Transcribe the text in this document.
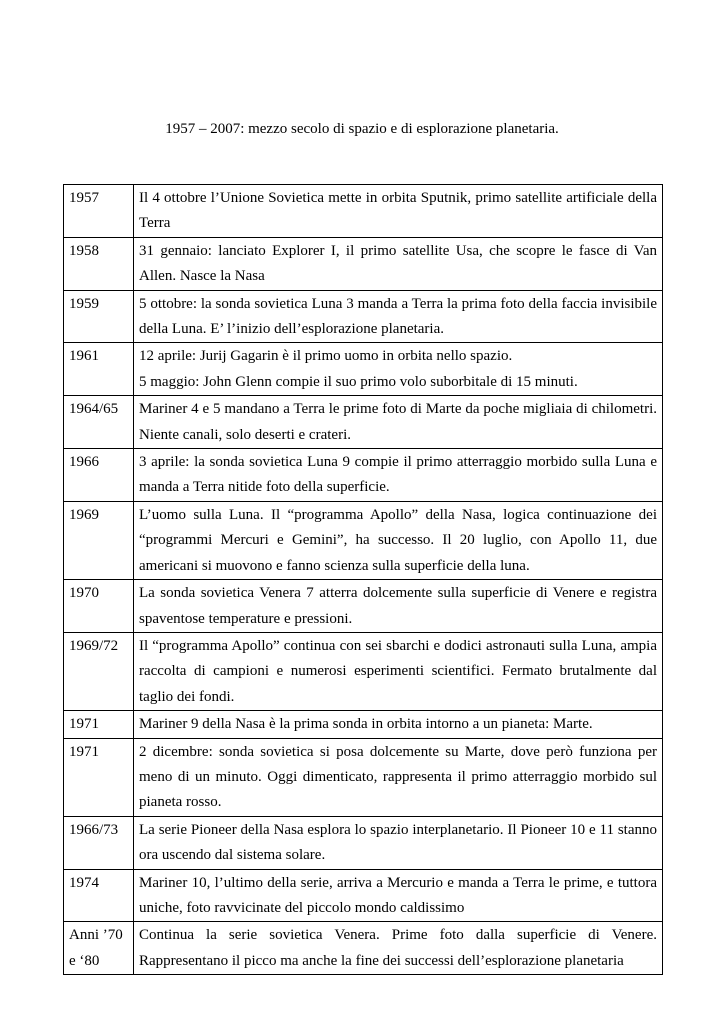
1957 – 2007: mezzo secolo di spazio e di esplorazione planetaria.
1957	Il 4 ottobre l’Unione Sovietica mette in orbita Sputnik, primo satellite artificiale della Terra

1958	31 gennaio: lanciato Explorer I, il primo satellite Usa, che scopre le fasce di Van Allen. Nasce la Nasa

1959	5 ottobre: la sonda sovietica Luna 3 manda a Terra la prima foto della faccia invisibile della Luna. E’ l’inizio dell’esplorazione planetaria.

1961	12 aprile: Jurij Gagarin è il primo uomo in orbita nello spazio.
5 maggio: John Glenn compie il suo primo volo suborbitale di 15 minuti.

1964/65	Mariner 4 e 5 mandano a Terra le prime foto di Marte da poche migliaia di chilometri. Niente canali, solo deserti e crateri.

1966	3 aprile: la sonda sovietica Luna 9 compie il primo atterraggio morbido sulla Luna e manda a Terra nitide foto della superficie.

1969	L’uomo sulla Luna. Il “programma Apollo” della Nasa, logica continuazione dei “programmi Mercuri e Gemini”, ha successo. Il 20 luglio, con Apollo 11, due americani si muovono e fanno scienza sulla superficie della luna.

1970	La sonda sovietica Venera 7 atterra dolcemente sulla superficie di Venere e registra spaventose temperature e pressioni.

1969/72	Il “programma Apollo” continua con sei sbarchi e dodici astronauti sulla Luna, ampia raccolta di campioni e numerosi esperimenti scientifici. Fermato brutalmente dal taglio dei fondi.

1971	Mariner 9 della Nasa è la prima sonda in orbita intorno a un pianeta: Marte.

1971	2 dicembre: sonda sovietica si posa dolcemente su Marte, dove però funziona per meno di un minuto. Oggi dimenticato, rappresenta il primo atterraggio morbido sul pianeta rosso.

1966/73	La serie Pioneer della Nasa esplora lo spazio interplanetario. Il Pioneer 10 e 11 stanno ora uscendo dal sistema solare.

1974	Mariner 10, l’ultimo della serie, arriva a Mercurio e manda a Terra le prime, e tuttora uniche, foto ravvicinate del piccolo mondo caldissimo

Anni ’70 e ‘80	Continua la serie sovietica Venera. Prime foto dalla superficie di Venere. Rappresentano il picco ma anche la fine dei successi dell’esplorazione planetaria
